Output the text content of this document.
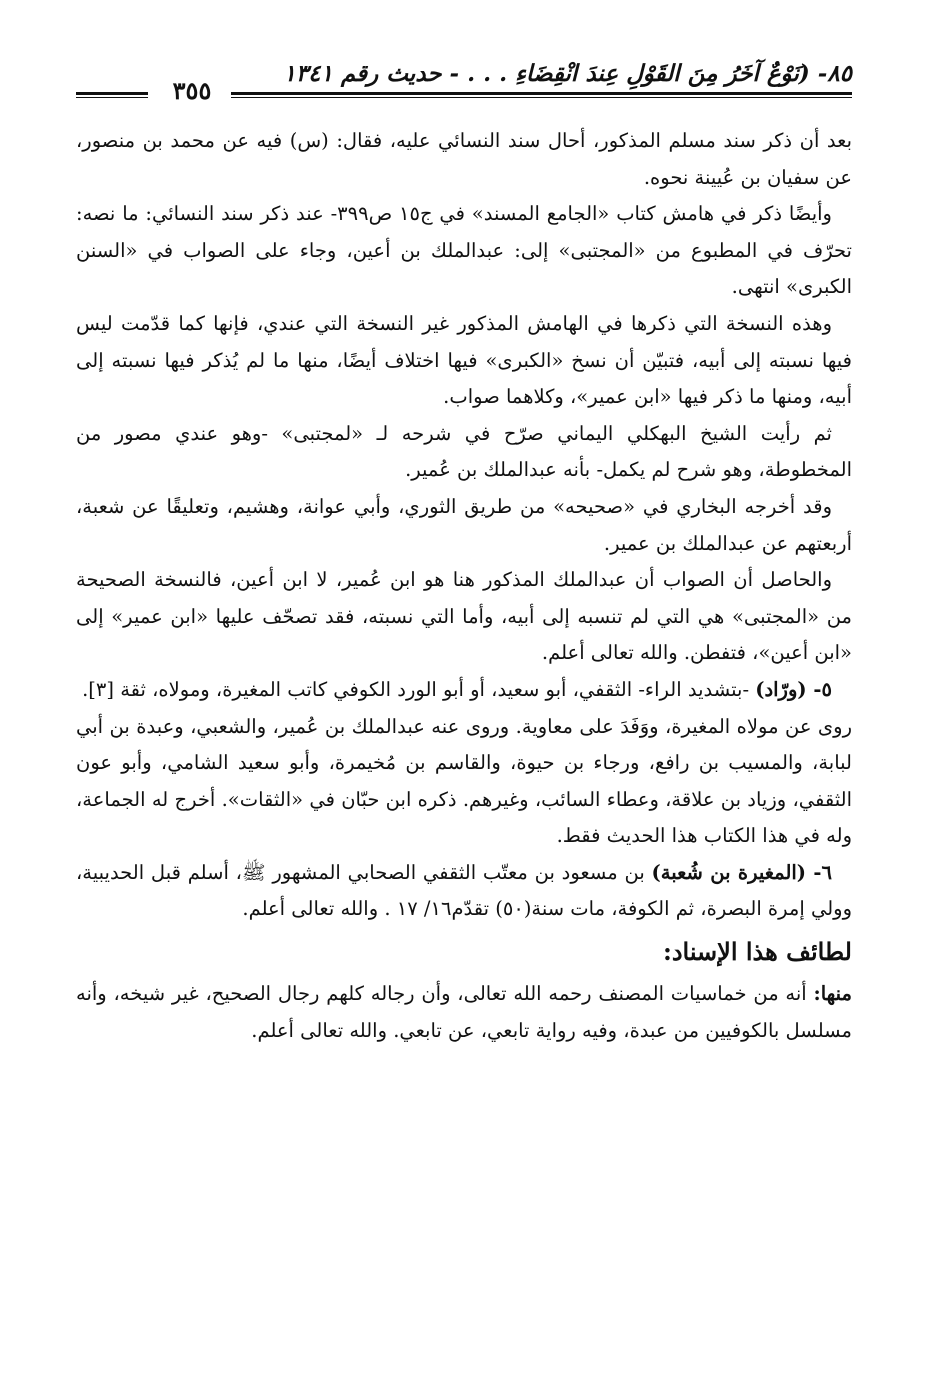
٨٥- (نَوْعٌ آخَرُ مِنَ القَوْلِ عِندَ انْقِضَاءِ . . . - حديث رقم ١٣٤١
٣٥٥

بعد أن ذكر سند مسلم المذكور، أحال سند النسائي عليه، فقال: (س) فيه عن محمد بن منصور، عن سفيان بن عُيينة نحوه.

وأيضًا ذكر في هامش كتاب «الجامع المسند» في ج١٥ ص٣٩٩- عند ذكر سند النسائي: ما نصه: تحرّف في المطبوع من «المجتبى» إلى: عبدالملك بن أعين، وجاء على الصواب في «السنن الكبرى» انتهى.

وهذه النسخة التي ذكرها في الهامش المذكور غير النسخة التي عندي، فإنها كما قدّمت ليس فيها نسبته إلى أبيه، فتبيّن أن نسخ «الكبرى» فيها اختلاف أيضًا، منها ما لم يُذكر فيها نسبته إلى أبيه، ومنها ما ذكر فيها «ابن عمير»، وكلاهما صواب.

ثم رأيت الشيخ البهكلي اليماني صرّح في شرحه لـ «لمجتبى» -وهو عندي مصور من المخطوطة، وهو شرح لم يكمل- بأنه عبدالملك بن عُمير.

وقد أخرجه البخاري في «صحيحه» من طريق الثوري، وأبي عوانة، وهشيم، وتعليقًا عن شعبة، أربعتهم عن عبدالملك بن عمير.

والحاصل أن الصواب أن عبدالملك المذكور هنا هو ابن عُمير، لا ابن أعين، فالنسخة الصحيحة من «المجتبى» هي التي لم تنسبه إلى أبيه، وأما التي نسبته، فقد تصحّف عليها «ابن عمير» إلى «ابن أعين»، فتفطن. والله تعالى أعلم.

٥- (ورّاد) -بتشديد الراء- الثقفي، أبو سعيد، أو أبو الورد الكوفي كاتب المغيرة، ومولاه، ثقة [٣].

روى عن مولاه المغيرة، ووَفَدَ على معاوية. وروى عنه عبدالملك بن عُمير، والشعبي، وعبدة بن أبي لبابة، والمسيب بن رافع، ورجاء بن حيوة، والقاسم بن مُخيمرة، وأبو سعيد الشامي، وأبو عون الثقفي، وزياد بن علاقة، وعطاء السائب، وغيرهم. ذكره ابن حبّان في «الثقات». أخرج له الجماعة، وله في هذا الكتاب هذا الحديث فقط.

٦- (المغيرة بن شُعبة) بن مسعود بن معتّب الثقفي الصحابي المشهور ﷺ، أسلم قبل الحديبية، وولي إمرة البصرة، ثم الكوفة، مات سنة(٥٠) تقدّم١٦/ ١٧ . والله تعالى أعلم.

لطائف هذا الإسناد:

منها: أنه من خماسيات المصنف رحمه الله تعالى، وأن رجاله كلهم رجال الصحيح، غير شيخه، وأنه مسلسل بالكوفيين من عبدة، وفيه رواية تابعي، عن تابعي. والله تعالى أعلم.
